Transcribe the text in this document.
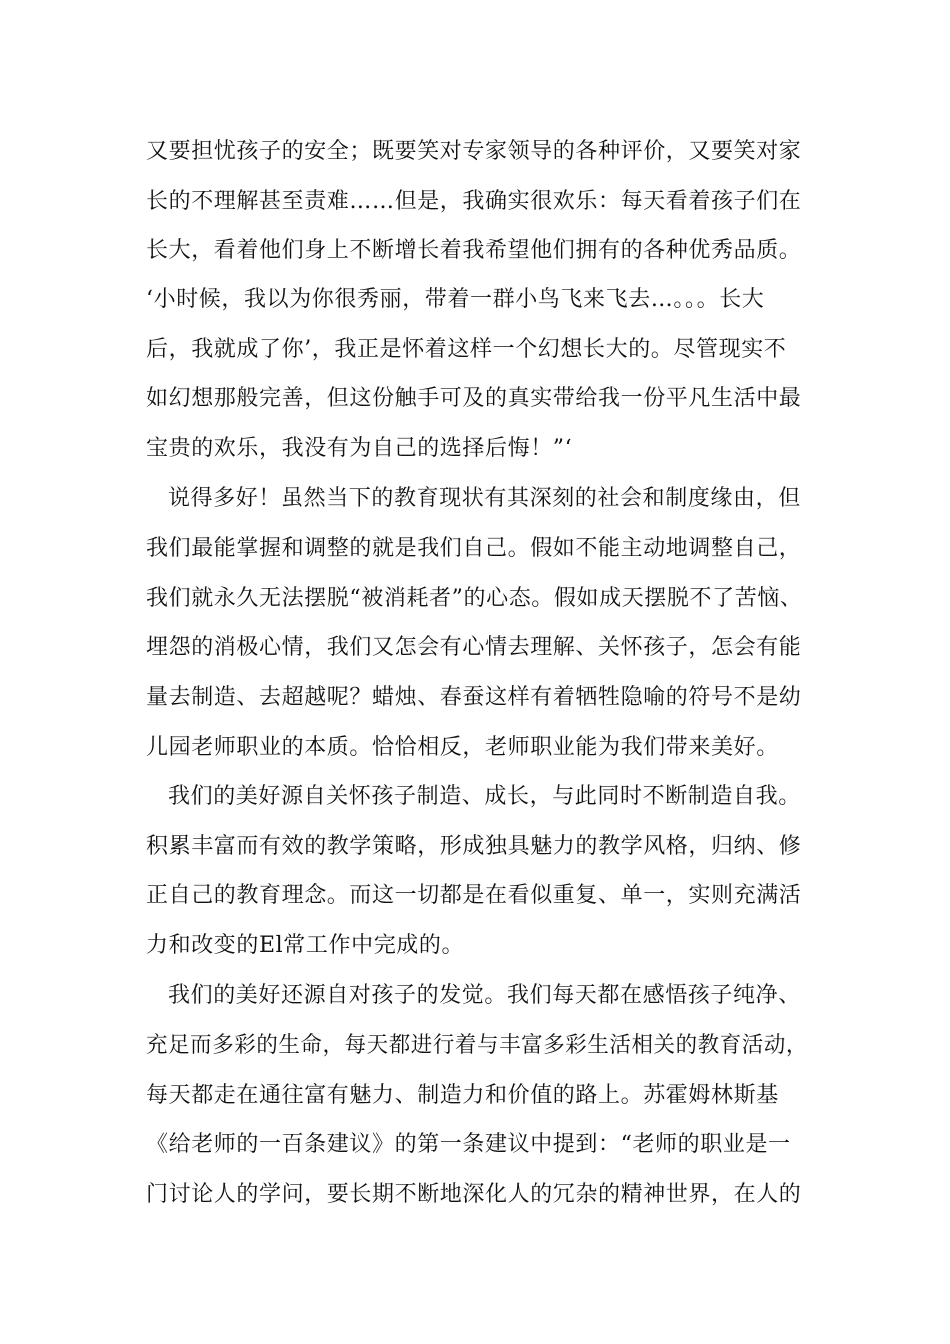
又要担忧孩子的安全；既要笑对专家领导的各种评价，又要笑对家

长的不理解甚至责难……但是，我确实很欢乐：每天看着孩子们在

长大，看着他们身上不断增长着我希望他们拥有的各种优秀品质。

‘小时候，我以为你很秀丽，带着一群小鸟飞来飞去…。。。长大

后，我就成了你’，我正是怀着这样一个幻想长大的。尽管现实不

如幻想那般完善，但这份触手可及的真实带给我一份平凡生活中最

宝贵的欢乐，我没有为自己的选择后悔！”‘

说得多好！虽然当下的教育现状有其深刻的社会和制度缘由，但

我们最能掌握和调整的就是我们自己。假如不能主动地调整自己，

我们就永久无法摆脱“被消耗者”的心态。假如成天摆脱不了苦恼、

埋怨的消极心情，我们又怎会有心情去理解、关怀孩子，怎会有能

量去制造、去超越呢？蜡烛、春蚕这样有着牺牲隐喻的符号不是幼

儿园老师职业的本质。恰恰相反，老师职业能为我们带来美好。

我们的美好源自关怀孩子制造、成长，与此同时不断制造自我。

积累丰富而有效的教学策略，形成独具魅力的教学风格，归纳、修

正自己的教育理念。而这一切都是在看似重复、单一，实则充满活

力和改变的El常工作中完成的。

我们的美好还源自对孩子的发觉。我们每天都在感悟孩子纯净、

充足而多彩的生命，每天都进行着与丰富多彩生活相关的教育活动，

每天都走在通往富有魅力、制造力和价值的路上。苏霍姆林斯基

《给老师的一百条建议》的第一条建议中提到：“老师的职业是一

门讨论人的学问，要长期不断地深化人的冗杂的精神世界，在人的
